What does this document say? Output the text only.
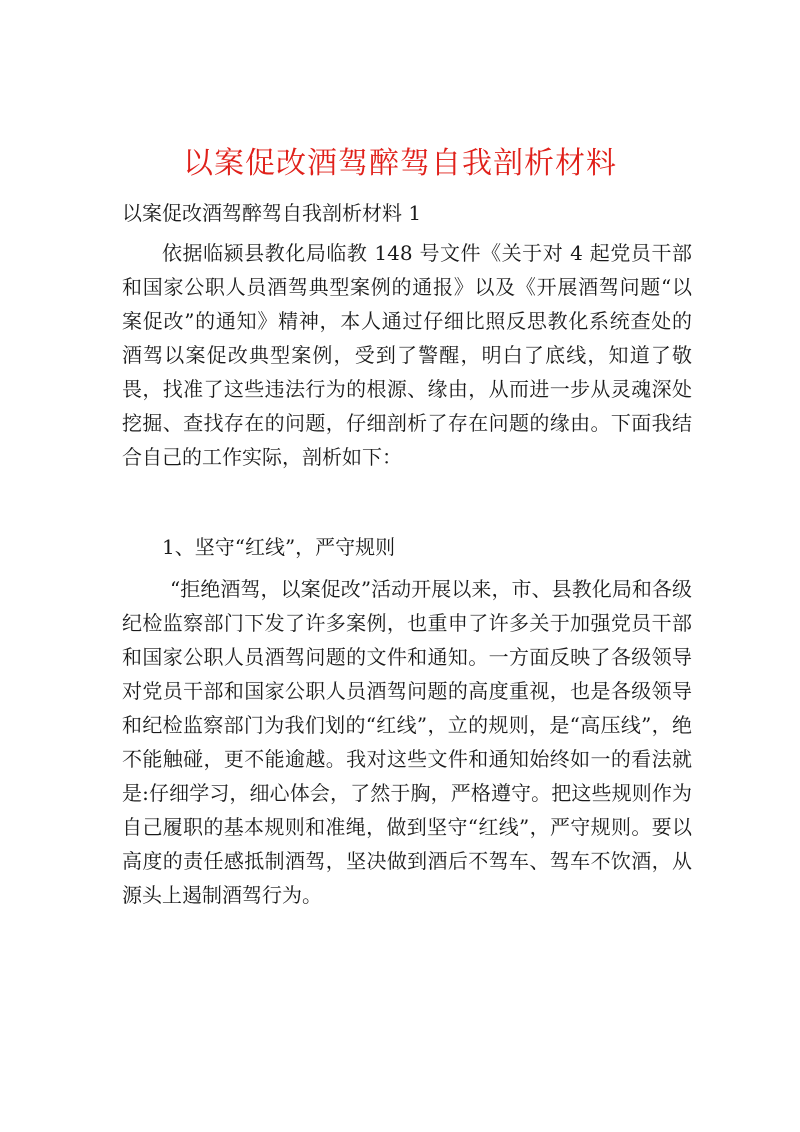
以案促改酒驾醉驾自我剖析材料
以案促改酒驾醉驾自我剖析材料 1

依据临颍县教化局临教 148 号文件《关于对 4 起党员干部和国家公职人员酒驾典型案例的通报》以及《开展酒驾问题“以案促改”的通知》精神，本人通过仔细比照反思教化系统查处的酒驾以案促改典型案例，受到了警醒，明白了底线，知道了敬畏，找准了这些违法行为的根源、缘由，从而进一步从灵魂深处挖掘、查找存在的问题，仔细剖析了存在问题的缘由。下面我结合自己的工作实际，剖析如下：

1、坚守“红线”，严守规则

“拒绝酒驾，以案促改”活动开展以来，市、县教化局和各级纪检监察部门下发了许多案例，也重申了许多关于加强党员干部和国家公职人员酒驾问题的文件和通知。一方面反映了各级领导对党员干部和国家公职人员酒驾问题的高度重视，也是各级领导和纪检监察部门为我们划的“红线”，立的规则，是“高压线”，绝不能触碰，更不能逾越。我对这些文件和通知始终如一的看法就是:仔细学习，细心体会，了然于胸，严格遵守。把这些规则作为自己履职的基本规则和准绳，做到坚守“红线”，严守规则。要以高度的责任感抵制酒驾，坚决做到酒后不驾车、驾车不饮酒，从源头上遏制酒驾行为。
